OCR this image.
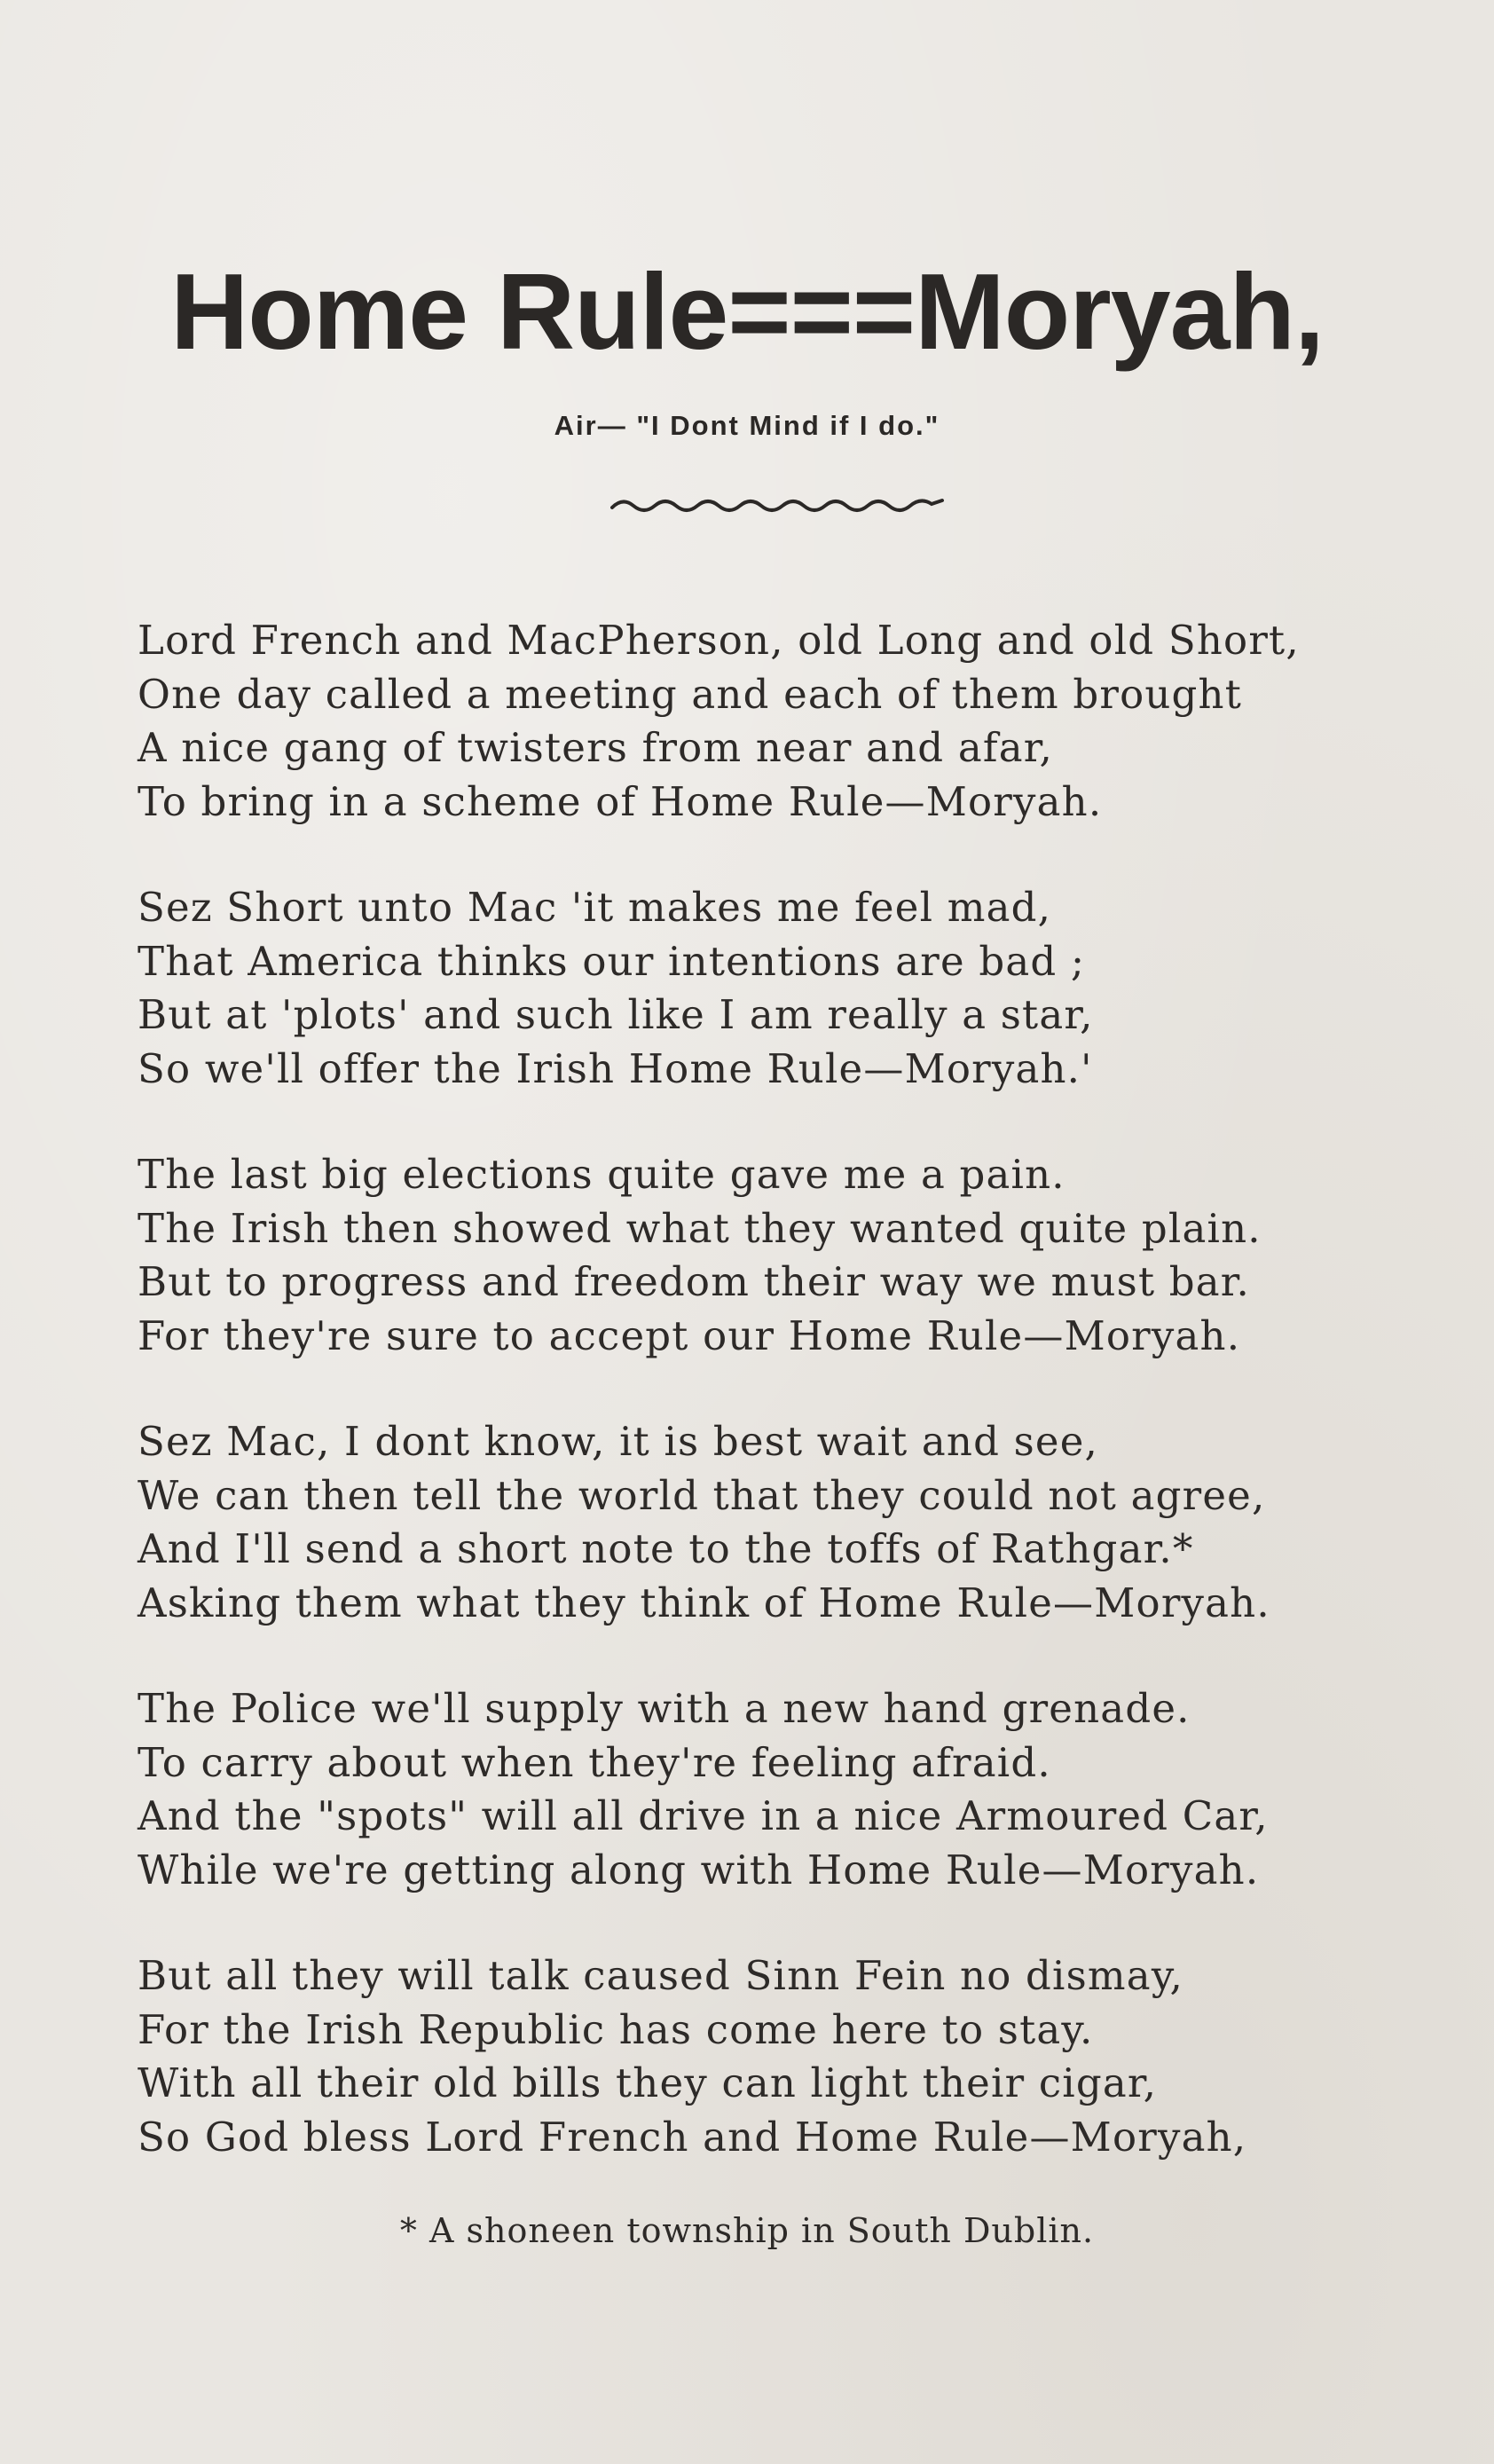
Home Rule===Moryah,

Air— "I Dont Mind if I do."

Lord French and MacPherson, old Long and old Short,
One day called a meeting and each of them brought
A nice gang of twisters from near and afar,
To bring in a scheme of Home Rule—Moryah.
Sez Short unto Mac 'it makes me feel mad,
That America thinks our intentions are bad ;
But at 'plots' and such like I am really a star,
So we'll offer the Irish Home Rule—Moryah.'
The last big elections quite gave me a pain.
The Irish then showed what they wanted quite plain.
But to progress and freedom their way we must bar.
For they're sure to accept our Home Rule—Moryah.
Sez Mac, I dont know, it is best wait and see,
We can then tell the world that they could not agree,
And I'll send a short note to the toffs of Rathgar.*
Asking them what they think of Home Rule—Moryah.
The Police we'll supply with a new hand grenade.
To carry about when they're feeling afraid.
And the "spots" will all drive in a nice Armoured Car,
While we're getting along with Home Rule—Moryah.
But all they will talk caused Sinn Fein no dismay,
For the Irish Republic has come here to stay.
With all their old bills they can light their cigar,
So God bless Lord French and Home Rule—Moryah,

* A shoneen township in South Dublin.
